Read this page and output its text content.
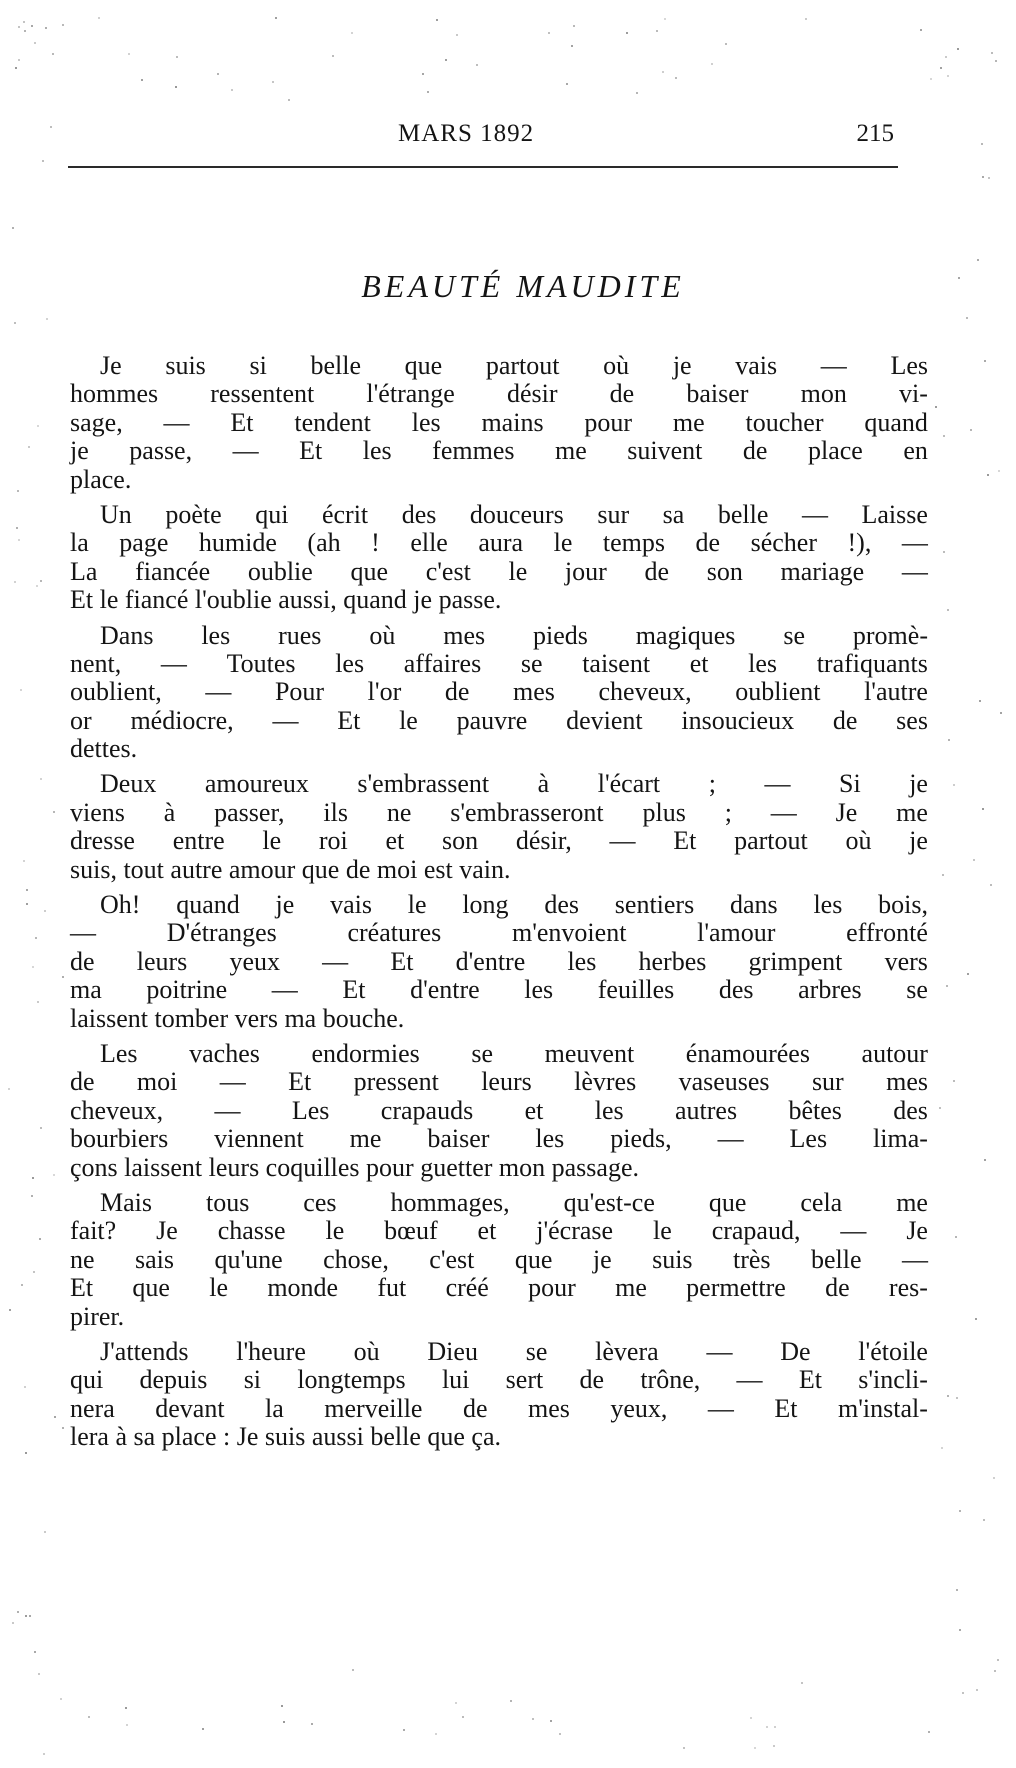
MARS 1892	215
BEAUTÉ MAUDITE
Je suis si belle que partout où je vais — Les
hommes ressentent l'étrange désir de baiser mon vi-
sage, — Et tendent les mains pour me toucher quand
je passe, — Et les femmes me suivent de place en
place.
Un poète qui écrit des douceurs sur sa belle — Laisse
la page humide (ah ! elle aura le temps de sécher !), —
La fiancée oublie que c'est le jour de son mariage —
Et le fiancé l'oublie aussi, quand je passe.
Dans les rues où mes pieds magiques se promè-
nent, — Toutes les affaires se taisent et les trafiquants
oublient, — Pour l'or de mes cheveux, oublient l'autre
or médiocre, — Et le pauvre devient insoucieux de ses
dettes.
Deux amoureux s'embrassent à l'écart ; — Si je
viens à passer, ils ne s'embrasseront plus ; — Je me
dresse entre le roi et son désir, — Et partout où je
suis, tout autre amour que de moi est vain.
Oh! quand je vais le long des sentiers dans les bois,
—	D'étranges	créatures	m'envoient	l'amour	effronté
de leurs yeux — Et d'entre les herbes grimpent vers
ma poitrine — Et d'entre les feuilles des arbres se
laissent tomber vers ma bouche.
Les vaches endormies se meuvent énamourées autour
de moi — Et pressent leurs lèvres vaseuses sur mes
cheveux, — Les crapauds et les autres bêtes des
bourbiers viennent me baiser les pieds, — Les lima-
çons laissent leurs coquilles pour guetter mon passage.
Mais tous ces hommages, qu'est-ce que cela me
fait? Je chasse le bœuf et j'écrase le crapaud, — Je
ne sais qu'une chose, c'est que je suis très belle —
Et que le monde fut créé pour me permettre de res-
pirer.
J'attends l'heure où Dieu se lèvera — De l'étoile
qui depuis si longtemps lui sert de trône, — Et s'incli-
nera devant la merveille de mes yeux, — Et m'instal-
lera à sa place : Je suis aussi belle que ça.
